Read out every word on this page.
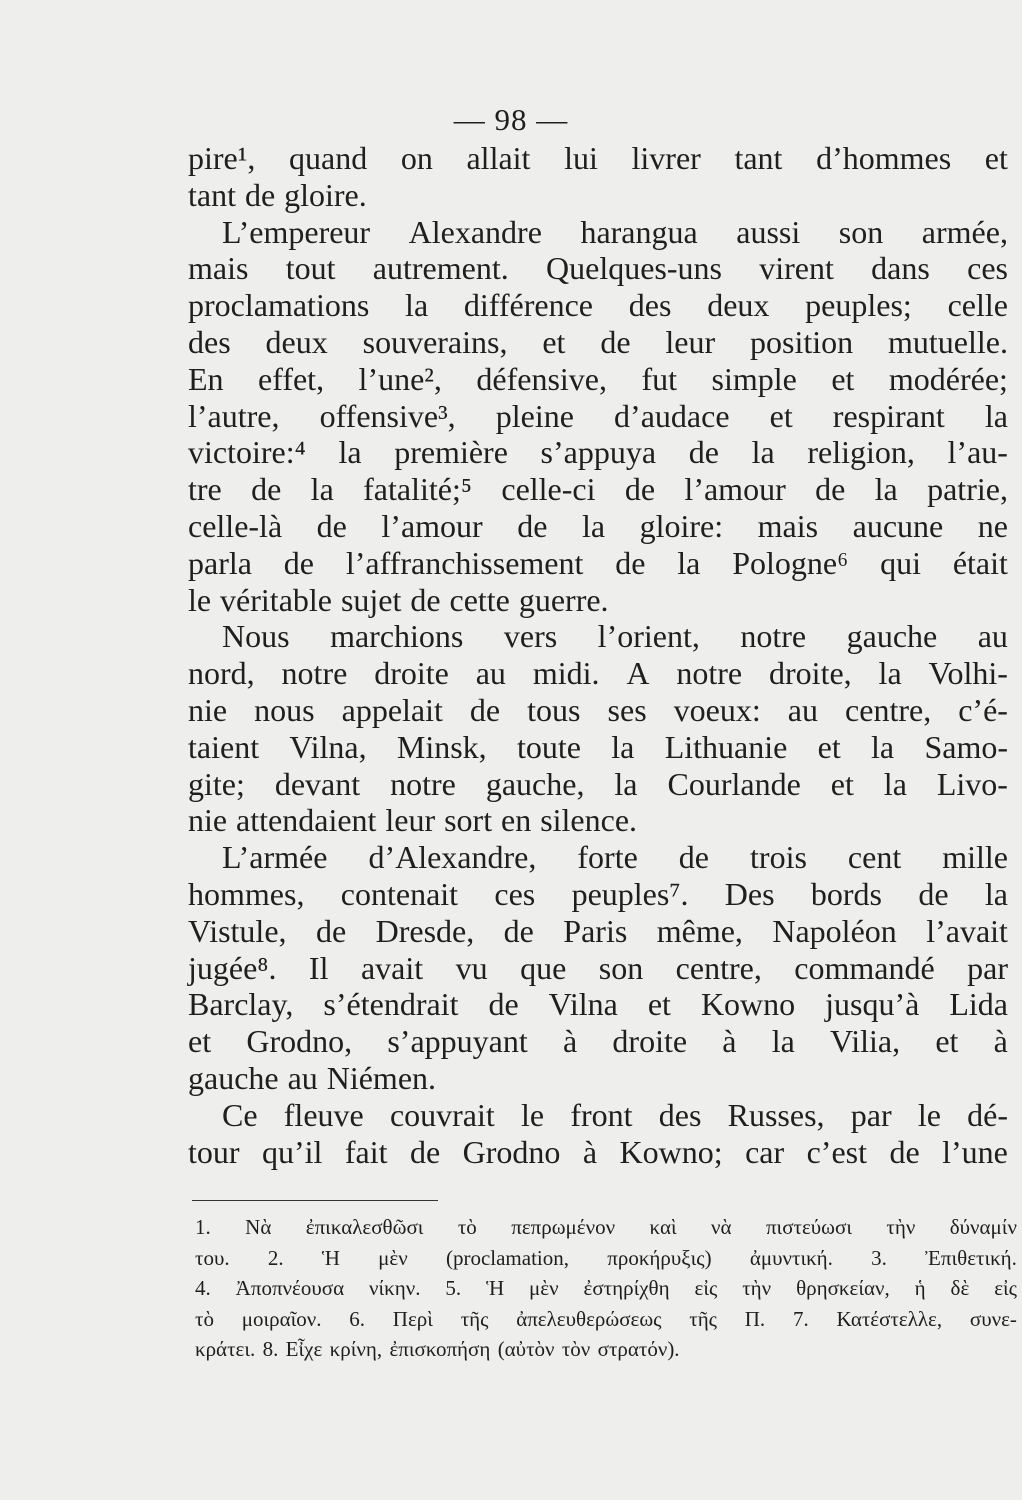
— 98 —
pire¹, quand on allait lui livrer tant d’hommes et
tant de gloire.
L’empereur Alexandre harangua aussi son armée,
mais tout autrement. Quelques-uns virent dans ces
proclamations la différence des deux peuples; celle
des deux souverains, et de leur position mutuelle.
En effet, l’une², défensive, fut simple et modérée;
l’autre, offensive³, pleine d’audace et respirant la
victoire:⁴ la première s’appuya de la religion, l’au-
tre de la fatalité;⁵ celle-ci de l’amour de la patrie,
celle-là de l’amour de la gloire: mais aucune ne
parla de l’affranchissement de la Pologne⁶ qui était
le véritable sujet de cette guerre.
Nous marchions vers l’orient, notre gauche au
nord, notre droite au midi. A notre droite, la Volhi-
nie nous appelait de tous ses voeux: au centre, c’é-
taient Vilna, Minsk, toute la Lithuanie et la Samo-
gite; devant notre gauche, la Courlande et la Livo-
nie attendaient leur sort en silence.
L’armée d’Alexandre, forte de trois cent mille
hommes, contenait ces peuples⁷. Des bords de la
Vistule, de Dresde, de Paris même, Napoléon l’avait
jugée⁸. Il avait vu que son centre, commandé par
Barclay, s’étendrait de Vilna et Kowno jusqu’à Lida
et Grodno, s’appuyant à droite à la Vilia, et à
gauche au Niémen.
Ce fleuve couvrait le front des Russes, par le dé-
tour qu’il fait de Grodno à Kowno; car c’est de l’une
1. Νὰ ἐπικαλεσθῶσι τὸ πεπρωμένον καὶ νὰ πιστεύωσι τὴν δύναμίν
του. 2. Ἡ μὲν (proclamation, προκήρυξις) ἀμυντική. 3. Ἐπιθετική.
4. Ἀποπνέουσα νίκην. 5. Ἡ μὲν ἐστηρίχθη εἰς τὴν θρησκείαν, ἡ δὲ εἰς
τὸ μοιραῖον. 6. Περὶ τῆς ἀπελευθερώσεως τῆς Π. 7. Κατέστελλε, συνε-
κράτει. 8. Εἶχε κρίνη, ἐπισκοπήση (αὐτὸν τὸν στρατόν).
